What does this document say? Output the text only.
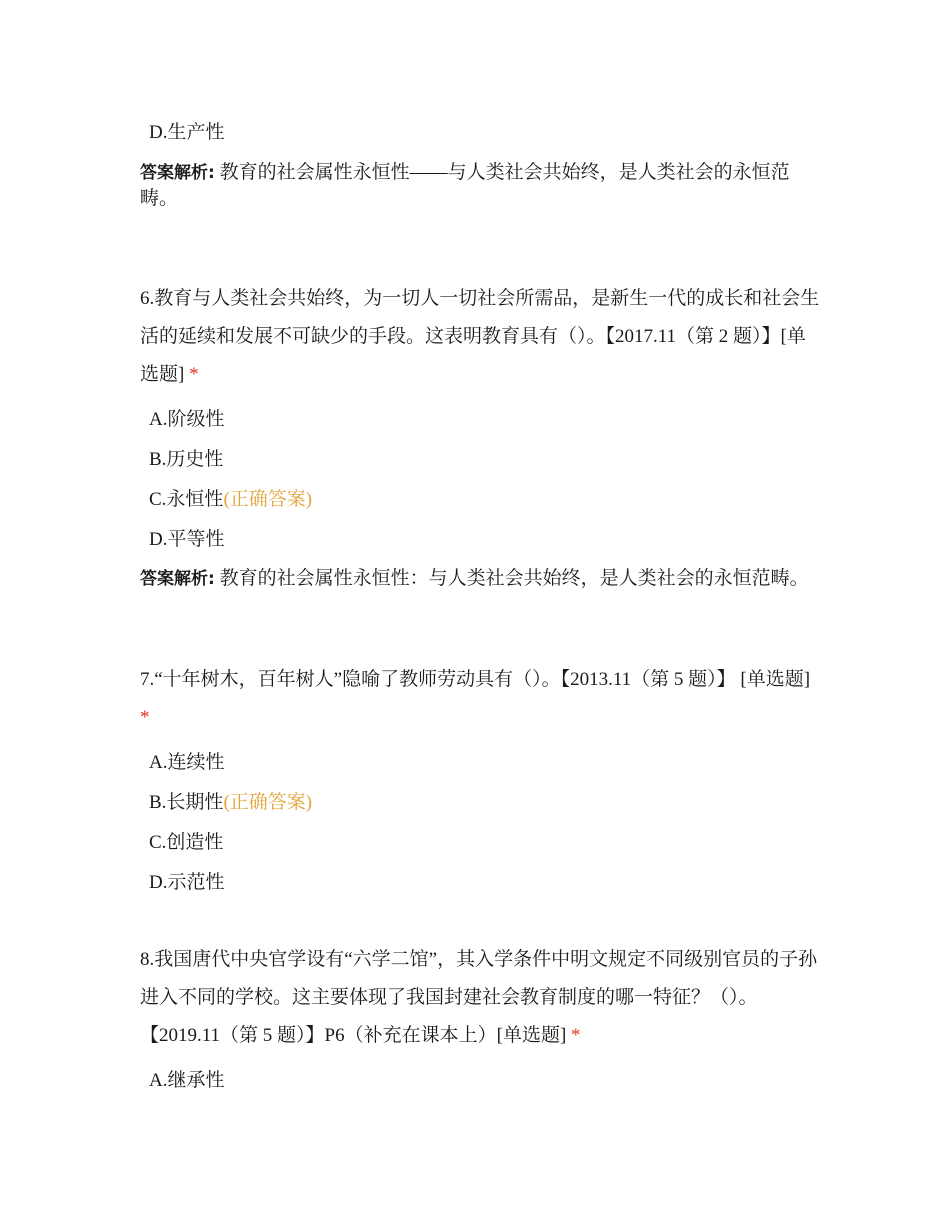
D.生产性
答案解析: 教育的社会属性永恒性——与人类社会共始终，是人类社会的永恒范畴。
6.教育与人类社会共始终，为一切人一切社会所需品，是新生一代的成长和社会生活的延续和发展不可缺少的手段。这表明教育具有（）。【2017.11（第 2 题）】[单选题] *
A.阶级性
B.历史性
C.永恒性(正确答案)
D.平等性
答案解析: 教育的社会属性永恒性：与人类社会共始终，是人类社会的永恒范畴。
7.“十年树木，百年树人”隐喻了教师劳动具有（）。【2013.11（第 5 题）】 [单选题] *
A.连续性
B.长期性(正确答案)
C.创造性
D.示范性
8.我国唐代中央官学设有“六学二馆”，其入学条件中明文规定不同级别官员的子孙进入不同的学校。这主要体现了我国封建社会教育制度的哪一特征？（）。【2019.11（第 5 题）】P6（补充在课本上）[单选题] *
A.继承性
